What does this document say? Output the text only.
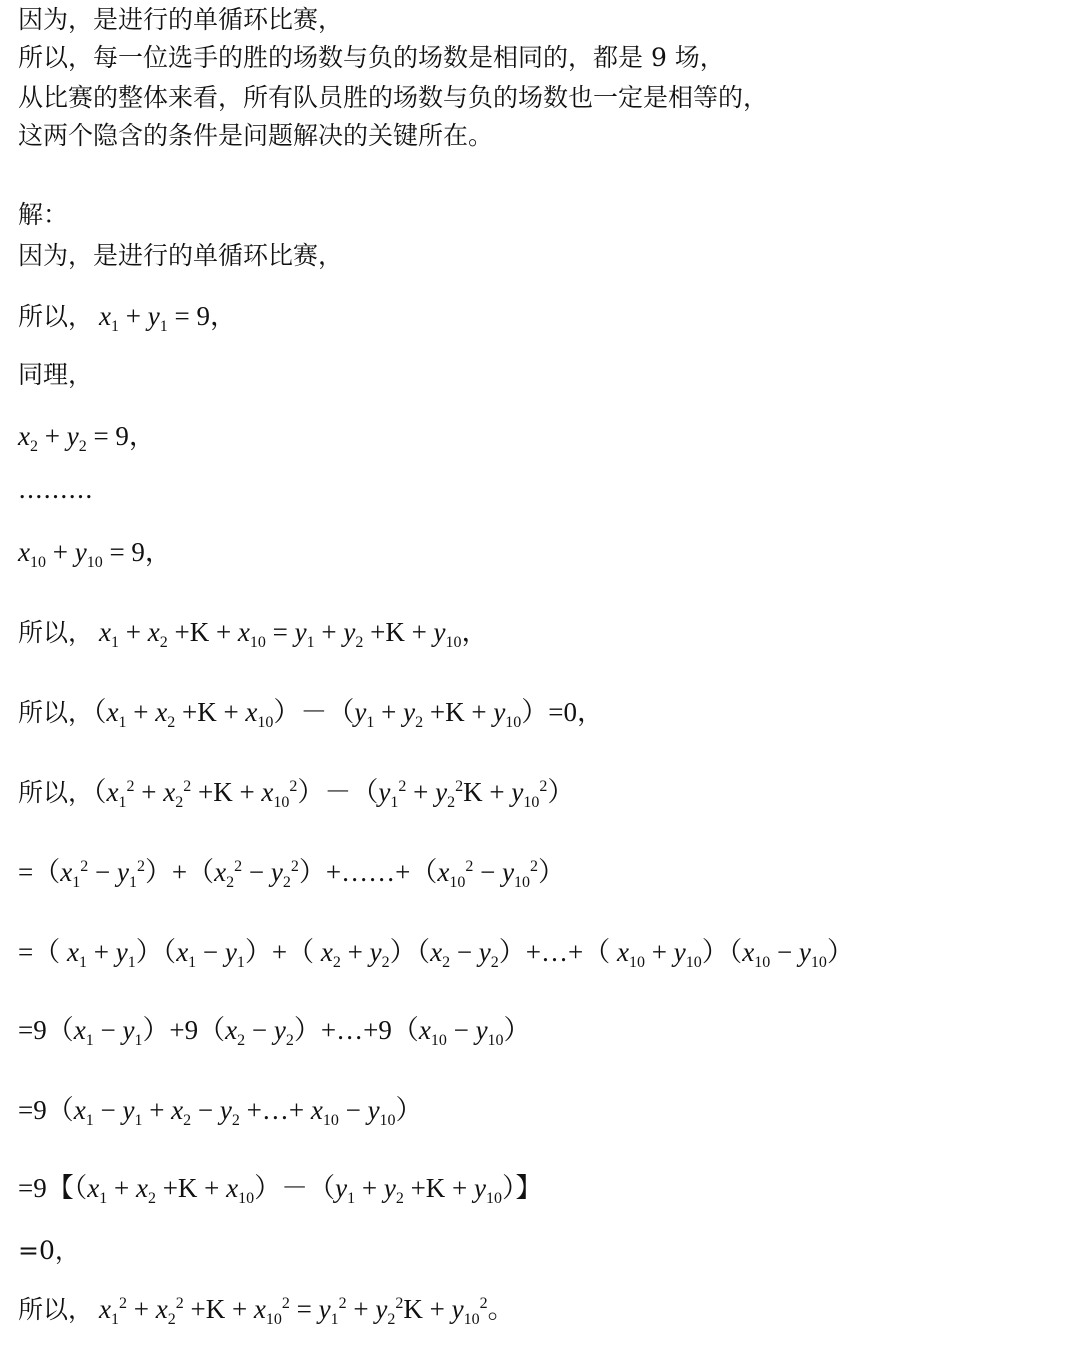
因为，是进行的单循环比赛，
所以，每一位选手的胜的场数与负的场数是相同的，都是 9 场，
从比赛的整体来看，所有队员胜的场数与负的场数也一定是相等的，
这两个隐含的条件是问题解决的关键所在。
解：
因为，是进行的单循环比赛，
所以， $x_1 + y_1 = 9$，
同理，
$x_2 + y_2 = 9$，
………
$x_{10} + y_{10} = 9$，
所以， $x_1 + x_2 +K + x_{10} = y_1 + y_2 +K + y_{10}$，
所以，$(x_1 + x_2 +K + x_{10})-(y_1 + y_2 +K + y_{10})=0$，
所以，$(x_1^2 + x_2^2 +K + x_{10}^2)-(y_1^2 + y_2^2K + y_{10}^2)$
$=(x_1^2 - y_1^2)+(x_2^2$ − $y_2^2)+\dots\dots+(x_{10}^2 - y_{10}^2)$
=（ $x_1 + y_1)(x_1 - y_1)+$（ $x_2 + y_2)(x_2$ − $y_2)+\dots+$（ $x_{10} + y_{10})(x_{10} - y_{10})$
$=9(x_1 - y_1)+9(x_2$ − $y_2)+\dots+9(x_{10} - y_{10})$
$=9(x_1 - y_1 + x_2 - y_2$ +…+ $x_{10} - y_{10}$）
=9【$(x_1 + x_2 +K + x_{10})-(y_1 + y_2 +K + y_{10})$】
=0，
所以， $x_1^2 + x_2^2 +K + x_{10}^2 = y_1^2 + y_2^2K + y_{10}^2$。
